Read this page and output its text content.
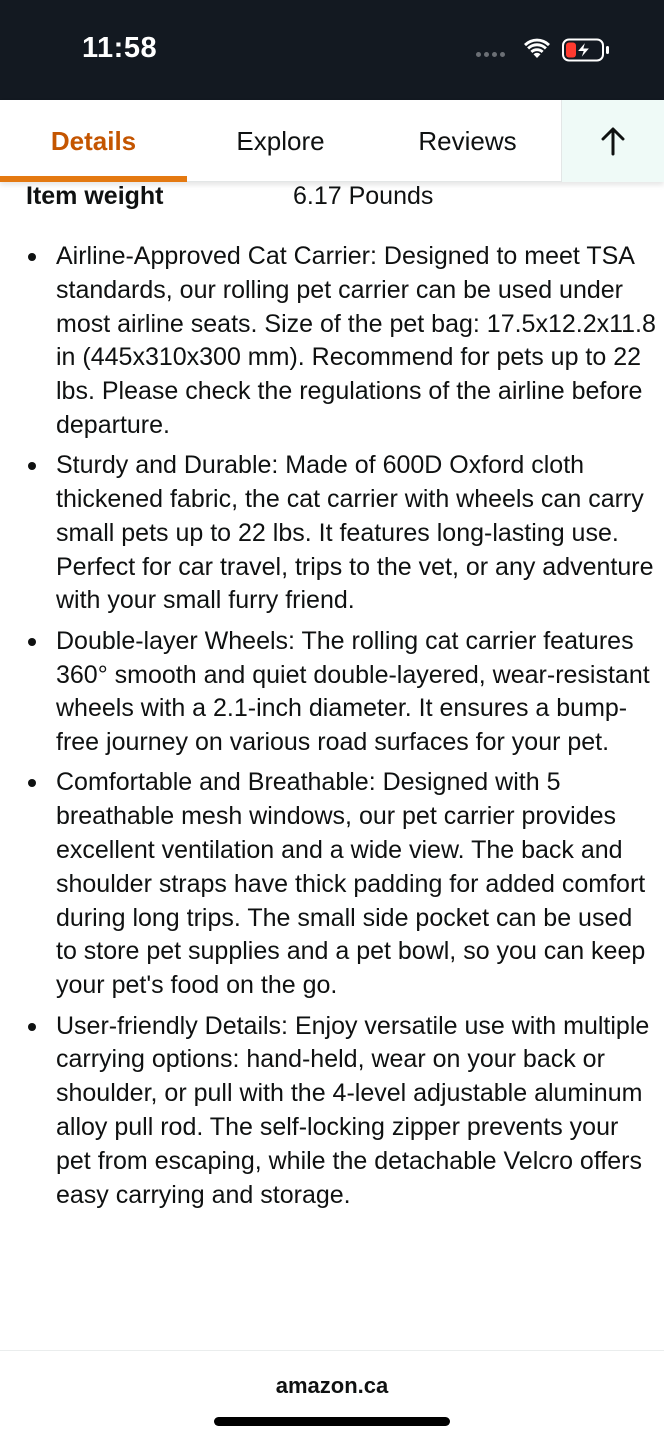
11:58
Details	Explore	Reviews
Item weight	6.17 Pounds
Airline-Approved Cat Carrier: Designed to meet TSA standards, our rolling pet carrier can be used under most airline seats. Size of the pet bag: 17.5x12.2x11.8 in (445x310x300 mm). Recommend for pets up to 22 lbs. Please check the regulations of the airline before departure.
Sturdy and Durable: Made of 600D Oxford cloth thickened fabric, the cat carrier with wheels can carry small pets up to 22 lbs. It features long-lasting use. Perfect for car travel, trips to the vet, or any adventure with your small furry friend.
Double-layer Wheels: The rolling cat carrier features 360° smooth and quiet double-layered, wear-resistant wheels with a 2.1-inch diameter. It ensures a bump-free journey on various road surfaces for your pet.
Comfortable and Breathable: Designed with 5 breathable mesh windows, our pet carrier provides excellent ventilation and a wide view. The back and shoulder straps have thick padding for added comfort during long trips. The small side pocket can be used to store pet supplies and a pet bowl, so you can keep your pet's food on the go.
User-friendly Details: Enjoy versatile use with multiple carrying options: hand-held, wear on your back or shoulder, or pull with the 4-level adjustable aluminum alloy pull rod. The self-locking zipper prevents your pet from escaping, while the detachable Velcro offers easy carrying and storage.
amazon.ca
